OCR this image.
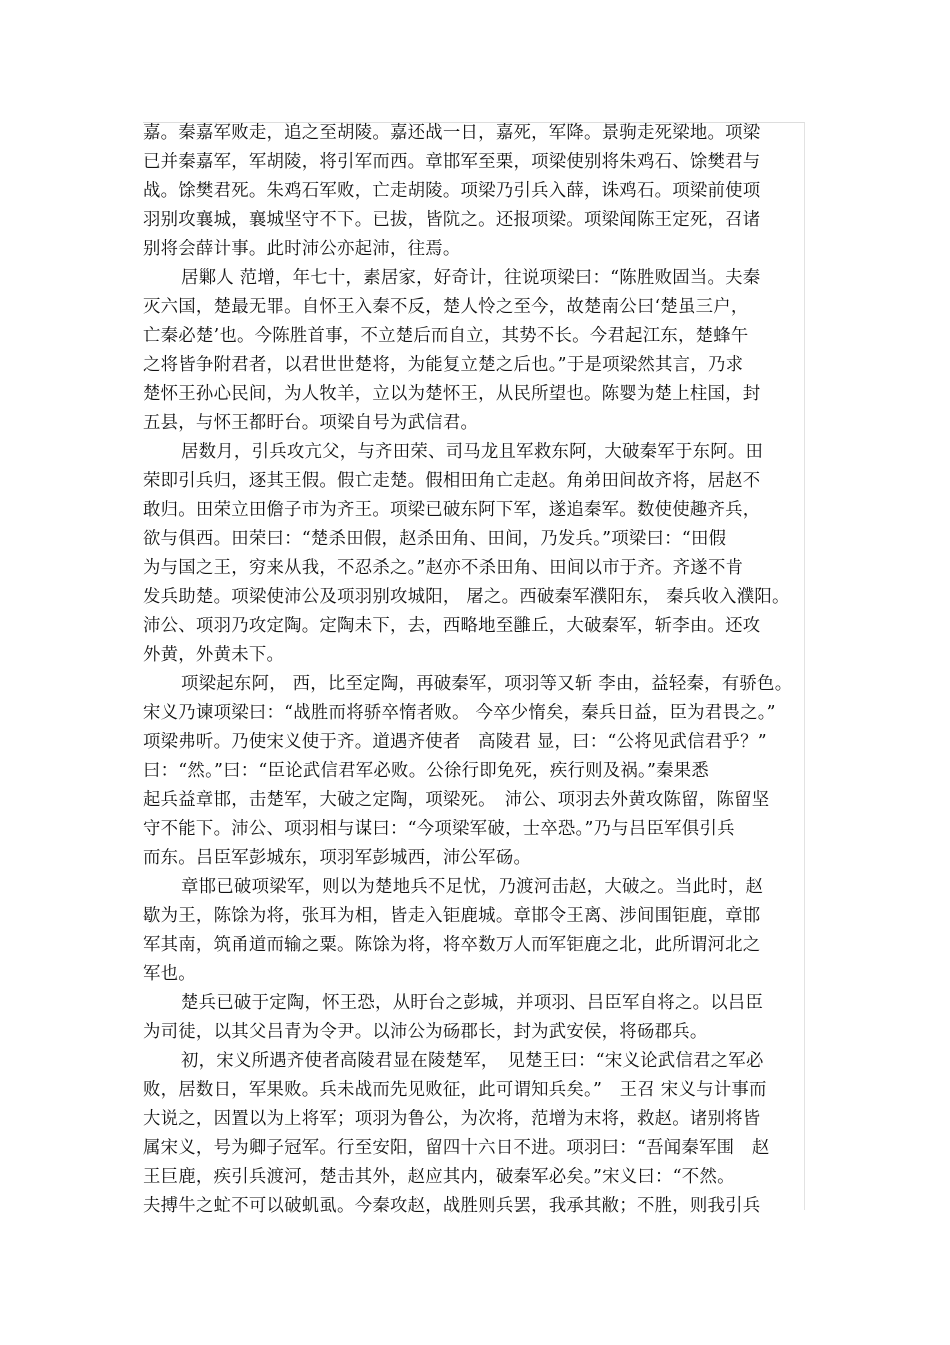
嘉。秦嘉军败走，追之至胡陵。嘉还战一日，嘉死，军降。景驹走死梁地。项梁
已并秦嘉军，军胡陵，将引军而西。章邯军至栗，项梁使别将朱鸡石、馀樊君与
战。馀樊君死。朱鸡石军败，亡走胡陵。项梁乃引兵入薛，诛鸡石。项梁前使项
羽别攻襄城，襄城坚守不下。已拔，皆阬之。还报项梁。项梁闻陈王定死，召诸
别将会薛计事。此时沛公亦起沛，往焉。
居鄛人 范增，年七十，素居家，好奇计，往说项梁曰：“陈胜败固当。夫秦
灭六国，楚最无罪。自怀王入秦不反，楚人怜之至今，故楚南公曰‘楚虽三户，
亡秦必楚’也。今陈胜首事，不立楚后而自立，其势不长。今君起江东，楚蜂午
之将皆争附君者，以君世世楚将，为能复立楚之后也。”于是项梁然其言，乃求
楚怀王孙心民间，为人牧羊，立以为楚怀王，从民所望也。陈婴为楚上柱国，封
五县，与怀王都盱台。项梁自号为武信君。
居数月，引兵攻亢父，与齐田荣、司马龙且军救东阿，大破秦军于东阿。田
荣即引兵归，逐其王假。假亡走楚。假相田角亡走赵。角弟田间故齐将，居赵不
敢归。田荣立田儋子市为齐王。项梁已破东阿下军，遂追秦军。数使使趣齐兵，
欲与俱西。田荣曰：“楚杀田假，赵杀田角、田间，乃发兵。”项梁曰：“田假
为与国之王，穷来从我，不忍杀之。”赵亦不杀田角、田间以市于齐。齐遂不肯
发兵助楚。项梁使沛公及项羽别攻城阳， 屠之。西破秦军濮阳东， 秦兵收入濮阳。
沛公、项羽乃攻定陶。定陶未下，去，西略地至雝丘，大破秦军，斩李由。还攻
外黄，外黄未下。
项梁起东阿， 西，比至定陶，再破秦军，项羽等又斩 李由，益轻秦，有骄色。
宋义乃谏项梁曰：“战胜而将骄卒惰者败。 今卒少惰矣，秦兵日益，臣为君畏之。”
项梁弗听。乃使宋义使于齐。道遇齐使者　高陵君 显，曰：“公将见武信君乎？”
曰：“然。”曰：“臣论武信君军必败。公徐行即免死，疾行则及祸。”秦果悉
起兵益章邯，击楚军，大破之定陶，项梁死。　沛公、项羽去外黄攻陈留，陈留坚
守不能下。沛公、项羽相与谋曰：“今项梁军破，士卒恐。”乃与吕臣军俱引兵
而东。吕臣军彭城东，项羽军彭城西，沛公军砀。
章邯已破项梁军，则以为楚地兵不足忧，乃渡河击赵，大破之。当此时，赵
歇为王，陈馀为将，张耳为相，皆走入钜鹿城。章邯令王离、涉间围钜鹿，章邯
军其南，筑甬道而输之粟。陈馀为将，将卒数万人而军钜鹿之北，此所谓河北之
军也。
楚兵已破于定陶，怀王恐，从盱台之彭城，并项羽、吕臣军自将之。以吕臣
为司徒，以其父吕青为令尹。以沛公为砀郡长，封为武安侯，将砀郡兵。
初，宋义所遇齐使者高陵君显在陵楚军，　见楚王曰：“宋义论武信君之军必
败，居数日，军果败。兵未战而先见败征，此可谓知兵矣。”　王召 宋义与计事而
大说之，因置以为上将军；项羽为鲁公，为次将，范增为末将，救赵。诸别将皆
属宋义，号为卿子冠军。行至安阳，留四十六日不进。项羽曰：“吾闻秦军围　赵
王巨鹿，疾引兵渡河，楚击其外，赵应其内，破秦军必矣。”宋义曰：“不然。
夫搏牛之虻不可以破虮虱。今秦攻赵，战胜则兵罢，我承其敝；不胜，则我引兵
